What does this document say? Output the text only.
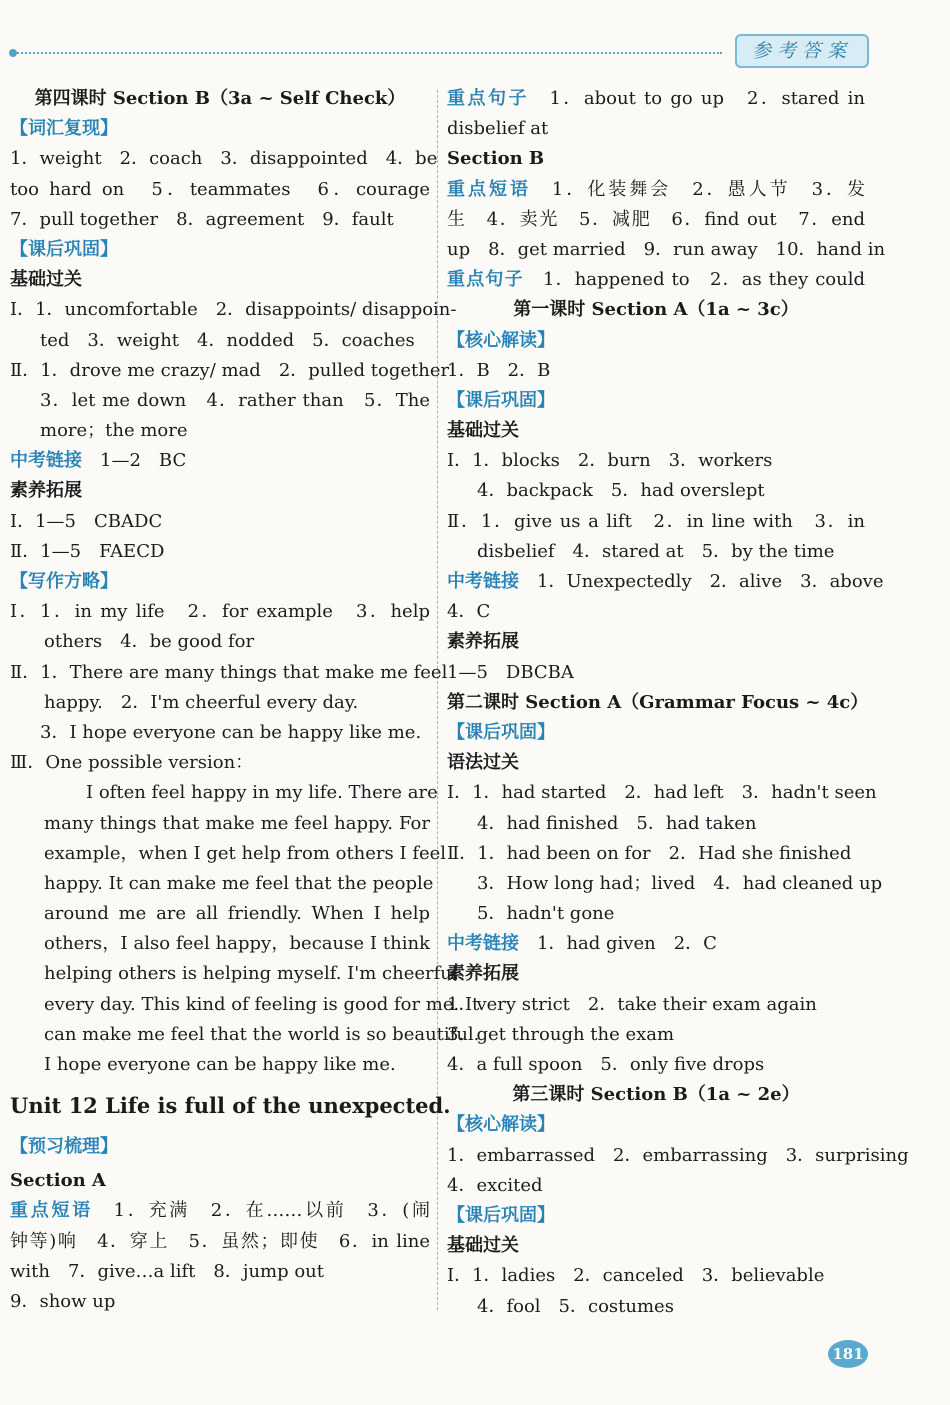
参考答案
第四课时 Section B（3a ~ Self Check）
【词汇复现】
1．weight　2．coach　3．disappointed　4．be
too hard on　5．teammates　6．courage
7．pull together　8．agreement　9．fault
【课后巩固】
基础过关
Ⅰ．1．uncomfortable　2．disappoints/ disappoin-
ted　3．weight　4．nodded　5．coaches
Ⅱ．1．drove me crazy/ mad　2．pulled together
3．let me down　4．rather than　5．The
more；the more
中考链接　 1—2　BC
素养拓展
Ⅰ．1—5　CBADC
Ⅱ．1—5　FAECD
【写作方略】
Ⅰ．1．in my life　2．for example　3．help
others　4．be good for
Ⅱ．1．There are many things that make me feel
happy.　2．I'm cheerful every day.
3．I hope everyone can be happy like me.
Ⅲ．One possible version：
I often feel happy in my life. There are
many things that make me feel happy. For
example，when I get help from others I feel
happy. It can make me feel that the people
around me are all friendly. When I help
others，I also feel happy，because I think
helping others is helping myself. I'm cheerful
every day. This kind of feeling is good for me. It
can make me feel that the world is so beautiful.
I hope everyone can be happy like me.
Unit 12 Life is full of the unexpected.
【预习梳理】
Section A
重点短语　 1．充满　2．在……以前　3．(闹
钟等)响　4．穿上　5．虽然；即使　6．in line
with　7．give…a lift　8．jump out
9．show up
重点句子　 1．about to go up　2．stared in
disbelief at
Section B
重点短语　 1．化装舞会　2．愚人节　3．发
生　4．卖光　5．减肥　6．find out　7．end
up　8．get married　9．run away　10．hand in
重点句子　 1．happened to　2．as they could
第一课时 Section A（1a ~ 3c）
【核心解读】
1．B　2．B
【课后巩固】
基础过关
Ⅰ．1．blocks　2．burn　3．workers
4．backpack　5．had overslept
Ⅱ．1．give us a lift　2．in line with　3．in
disbelief　4．stared at　5．by the time
中考链接　 1．Unexpectedly　2．alive　3．above
4．C
素养拓展
1—5　DBCBA
第二课时 Section A（Grammar Focus ~ 4c）
【课后巩固】
语法过关
Ⅰ．1．had started　2．had left　3．hadn't seen
4．had finished　5．had taken
Ⅱ．1．had been on for　2．Had she finished
3．How long had；lived　4．had cleaned up
5．hadn't gone
中考链接　 1．had given　2．C
素养拓展
1．very strict　2．take their exam again
3．get through the exam
4．a full spoon　5．only five drops
第三课时 Section B（1a ~ 2e）
【核心解读】
1．embarrassed　2．embarrassing　3．surprising
4．excited
【课后巩固】
基础过关
Ⅰ．1．ladies　2．canceled　3．believable
4．fool　5．costumes
181
